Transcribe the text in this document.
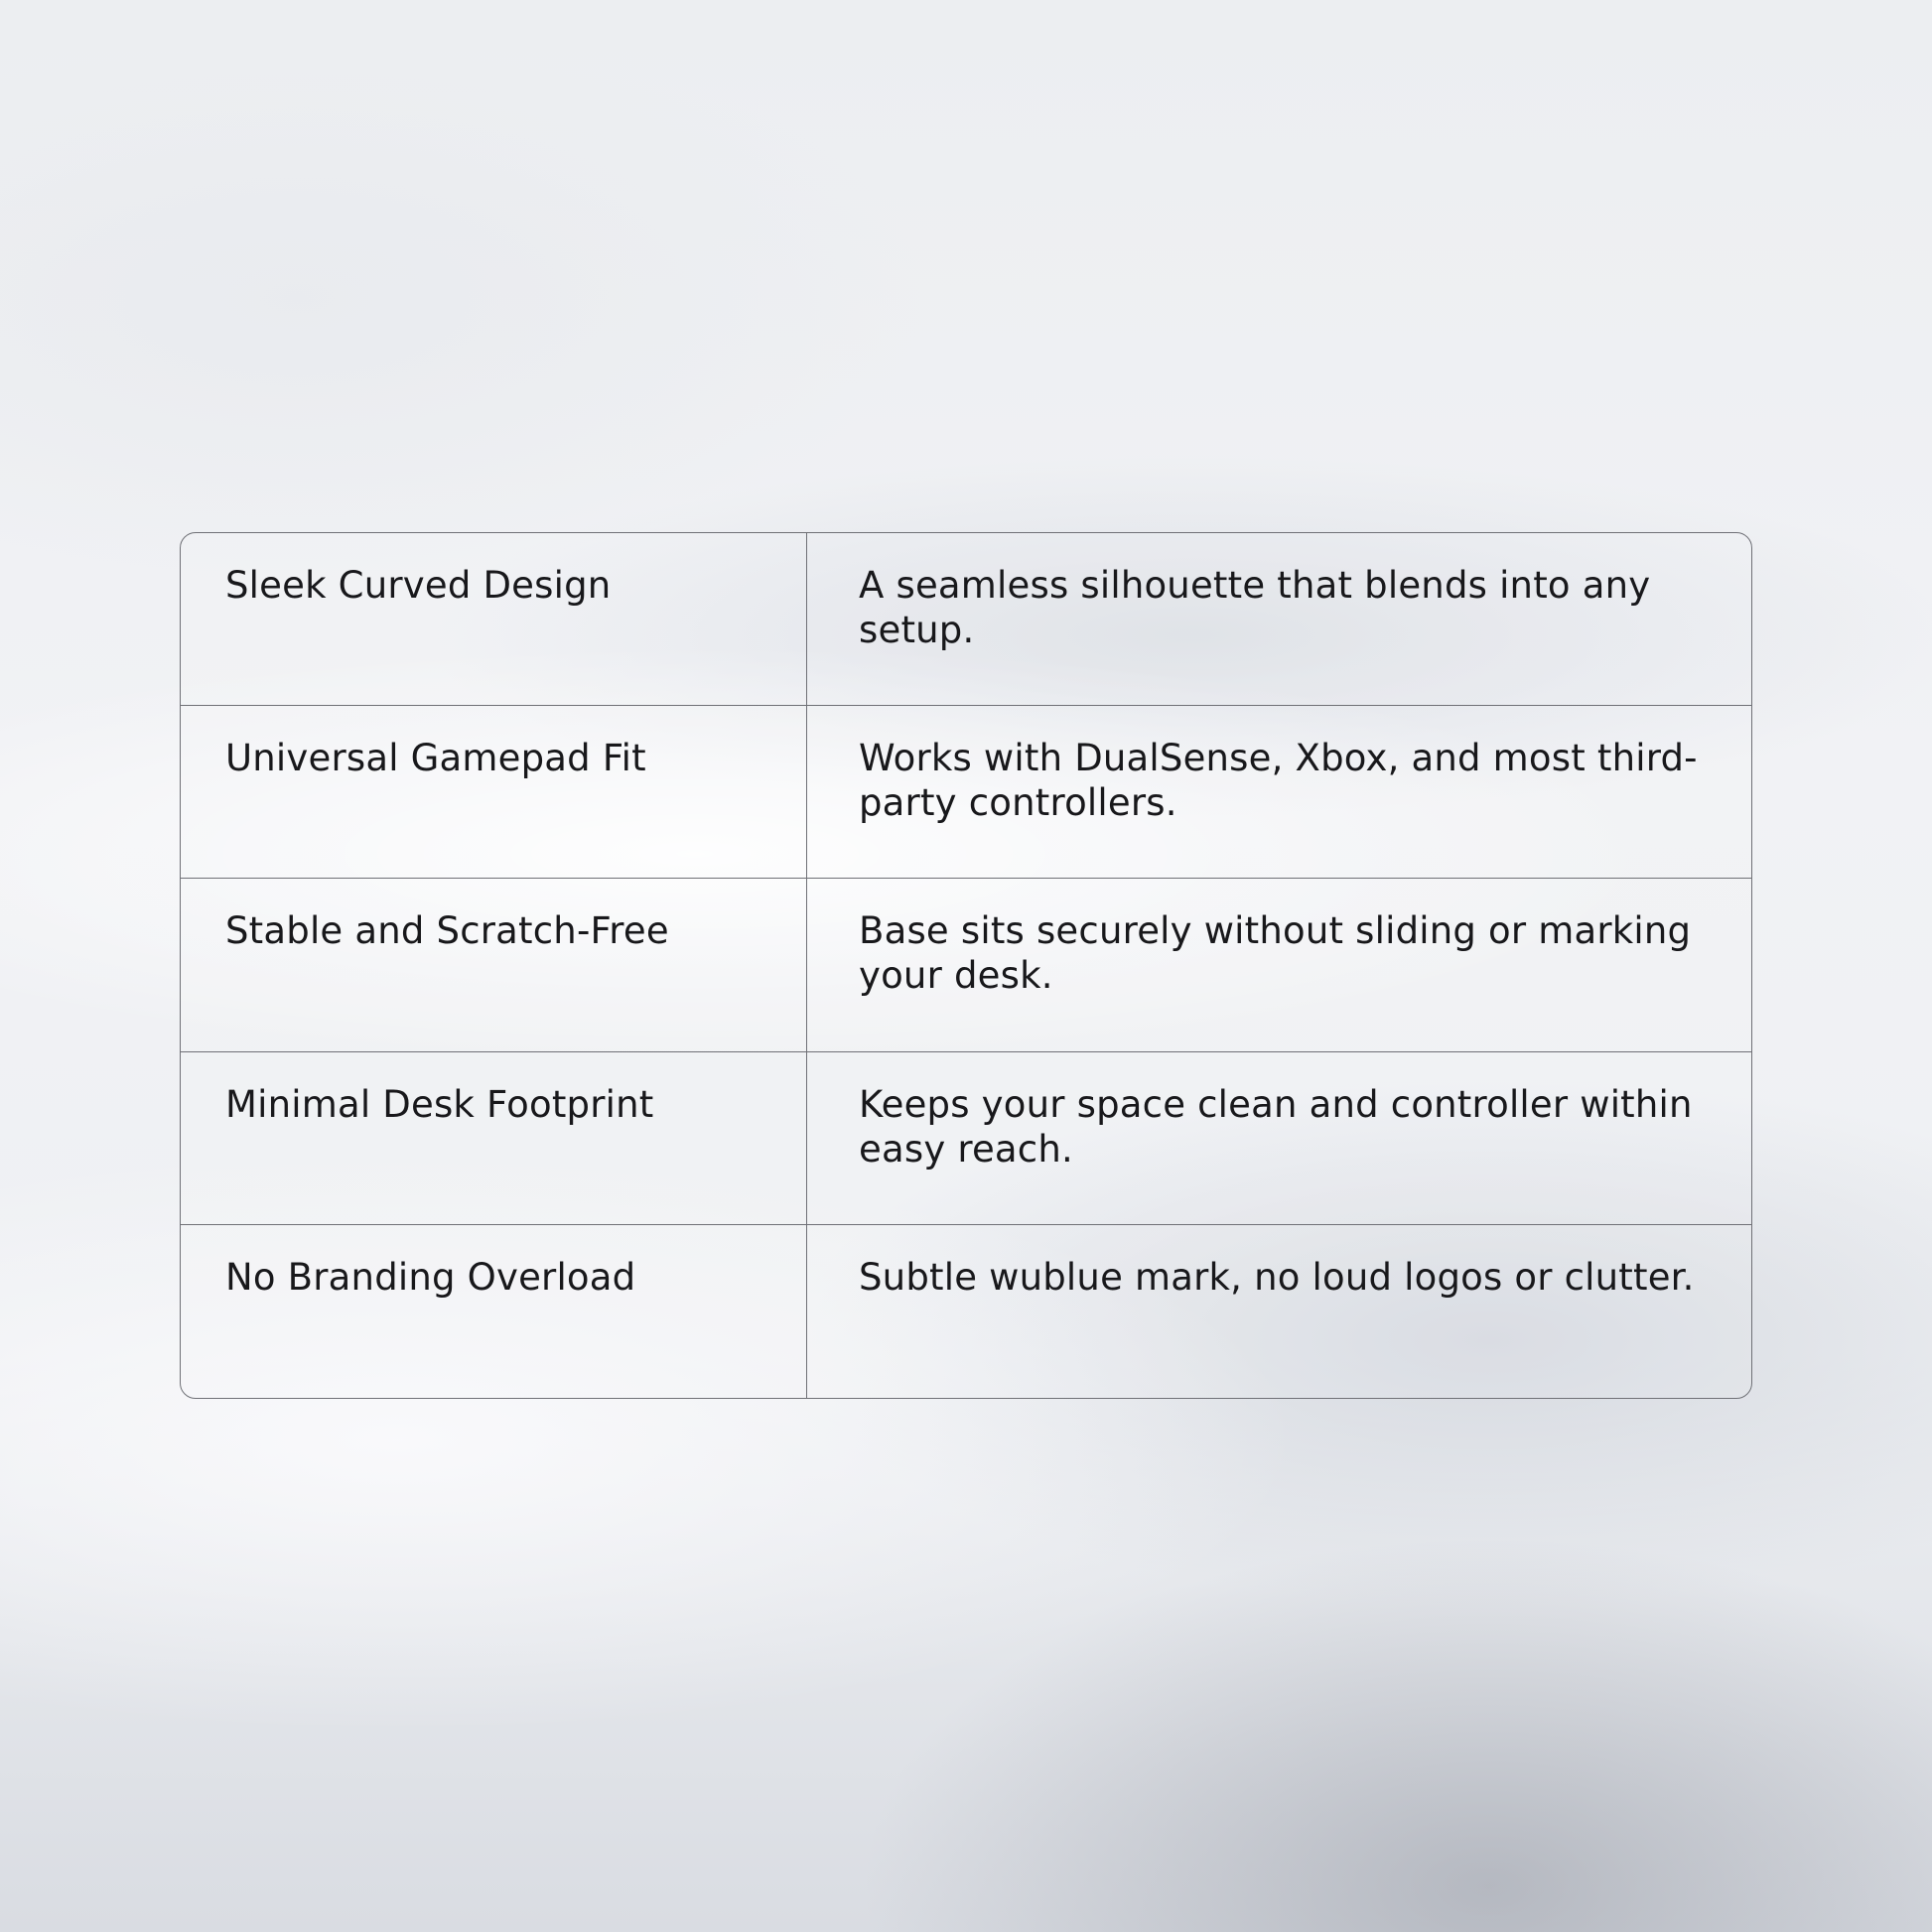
Sleek Curved Design	A seamless silhouette that blends into any setup.
Universal Gamepad Fit	Works with DualSense, Xbox, and most third-party controllers.
Stable and Scratch-Free	Base sits securely without sliding or marking your desk.
Minimal Desk Footprint	Keeps your space clean and controller within easy reach.
No Branding Overload	Subtle wublue mark, no loud logos or clutter.
